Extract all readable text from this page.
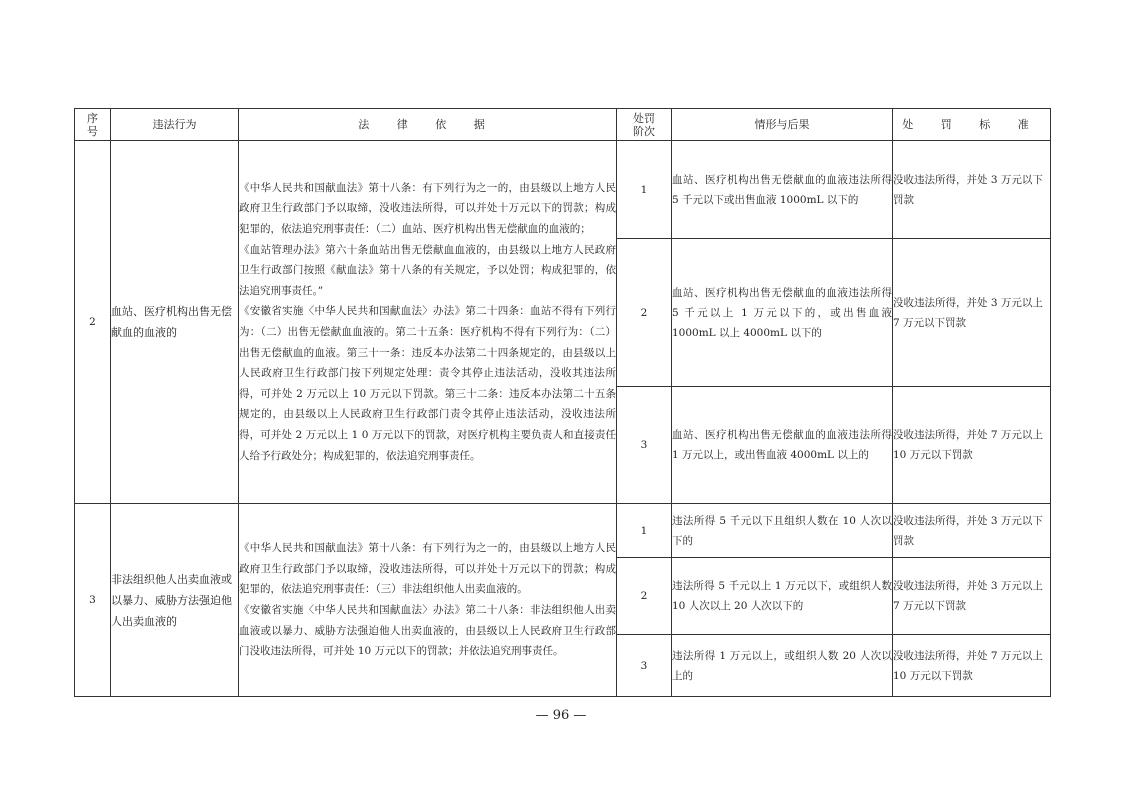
序号	违法行为	法 律 依 据	处罚阶次	情形与后果	处 罚 标 准
2	血站、医疗机构出售无偿献血的血液的	《中华人民共和国献血法》第十八条：有下列行为之一的，由县级以上地方人民政府卫生行政部门予以取缔，没收违法所得，可以并处十万元以下的罚款；构成犯罪的，依法追究刑事责任：（二）血站、医疗机构出售无偿献血的血液的；

《血站管理办法》第六十条血站出售无偿献血血液的，由县级以上地方人民政府卫生行政部门按照《献血法》第十八条的有关规定，予以处罚；构成犯罪的，依法追究刑事责任。”

《安徽省实施〈中华人民共和国献血法〉办法》第二十四条：血站不得有下列行为：（二）出售无偿献血血液的。第二十五条：医疗机构不得有下列行为：（二）出售无偿献血的血液。第三十一条：违反本办法第二十四条规定的，由县级以上人民政府卫生行政部门按下列规定处理：责令其停止违法活动，没收其违法所得，可并处 2 万元以上 10 万元以下罚款。第三十二条：违反本办法第二十五条规定的，由县级以上人民政府卫生行政部门责令其停止违法活动，没收违法所得，可并处 2 万元以上 1 0 万元以下的罚款，对医疗机构主要负责人和直接责任人给予行政处分；构成犯罪的，依法追究刑事责任。	1	血站、医疗机构出售无偿献血的血液违法所得 5 千元以下或出售血液 1000mL 以下的	没收违法所得，并处 3 万元以下罚款
			2	血站、医疗机构出售无偿献血的血液违法所得 5 千元以上 1 万元以下的，或出售血液 1000mL 以上 4000mL 以下的	没收违法所得，并处 3 万元以上 7 万元以下罚款
			3	血站、医疗机构出售无偿献血的血液违法所得 1 万元以上，或出售血液 4000mL 以上的	没收违法所得，并处 7 万元以上 10 万元以下罚款
3	非法组织他人出卖血液或以暴力、威胁方法强迫他人出卖血液的	《中华人民共和国献血法》第十八条：有下列行为之一的，由县级以上地方人民政府卫生行政部门予以取缔，没收违法所得，可以并处十万元以下的罚款；构成犯罪的，依法追究刑事责任：（三）非法组织他人出卖血液的。

《安徽省实施〈中华人民共和国献血法〉办法》第二十八条：非法组织他人出卖血液或以暴力、威胁方法强迫他人出卖血液的，由县级以上人民政府卫生行政部门没收违法所得，可并处 10 万元以下的罚款；并依法追究刑事责任。	1	违法所得 5 千元以下且组织人数在 10 人次以下的	没收违法所得，并处 3 万元以下罚款
			2	违法所得 5 千元以上 1 万元以下，或组织人数 10 人次以上 20 人次以下的	没收违法所得，并处 3 万元以上 7 万元以下罚款
			3	违法所得 1 万元以上，或组织人数 20 人次以上的	没收违法所得，并处 7 万元以上 10 万元以下罚款
— 96 —
